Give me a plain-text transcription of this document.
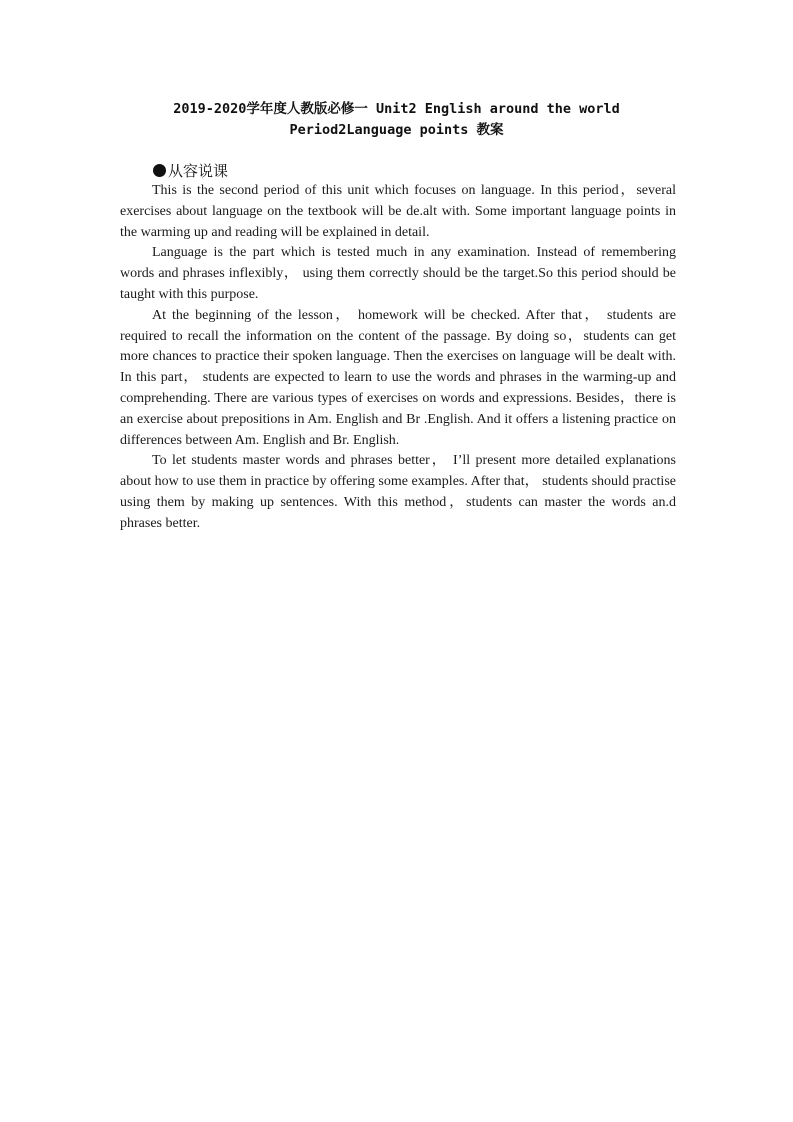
2019-2020学年度人教版必修一 Unit2 English around the world
Period2Language points 教案
从容说课

This is the second period of this unit which focuses on language. In this period，several exercises about language on the textbook will be de.alt with. Some important language points in the warming up and reading will be explained in detail.

Language is the part which is tested much in any examination. Instead of remembering words and phrases inflexibly， using them correctly should be the target.So this period should be taught with this purpose.

At the beginning of the lesson， homework will be checked. After that， students are required to recall the information on the content of the passage. By doing so，students can get more chances to practice their spoken language. Then the exercises on language will be dealt with. In this part， students are expected to learn to use the words and phrases in the warming-up and comprehending. There are various types of exercises on words and expressions. Besides，there is an exercise about prepositions in Am. English and Br .English. And it offers a listening practice on differences between Am. English and Br. English.

To let students master words and phrases better， I’ll present more detailed explanations about how to use them in practice by offering some examples. After that， students should practise using them by making up sentences. With this method，students can master the words an.d phrases better.
